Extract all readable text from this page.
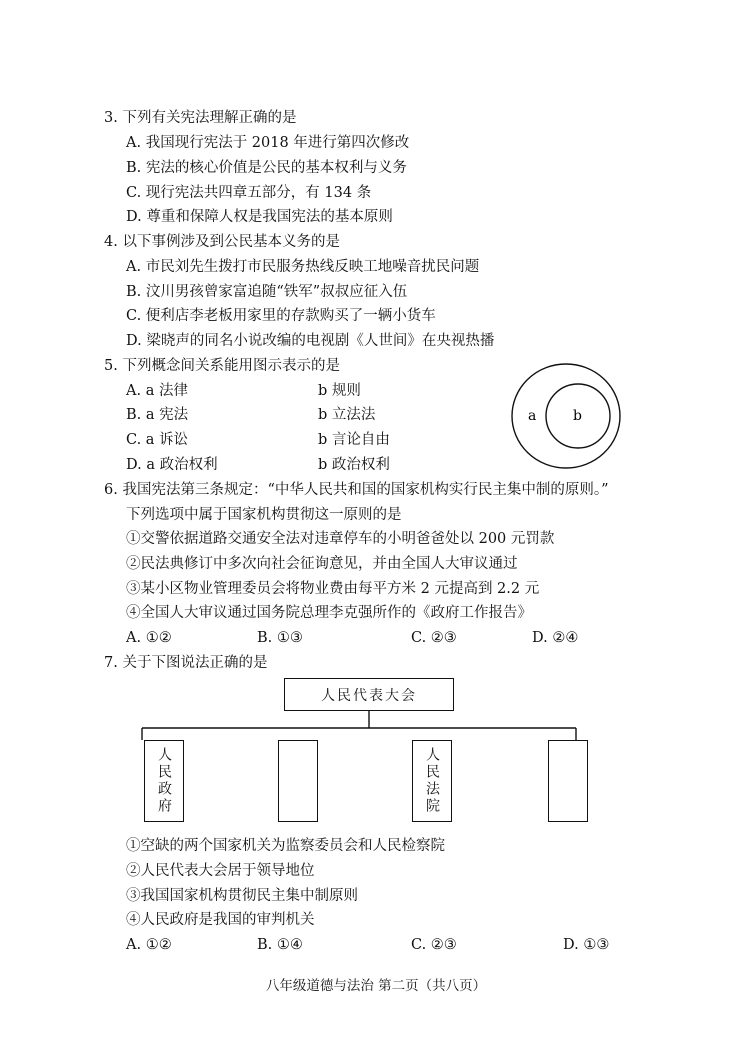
3. 下列有关宪法理解正确的是
A. 我国现行宪法于 2018 年进行第四次修改
B. 宪法的核心价值是公民的基本权利与义务
C. 现行宪法共四章五部分，有 134 条
D. 尊重和保障人权是我国宪法的基本原则
4. 以下事例涉及到公民基本义务的是
A. 市民刘先生拨打市民服务热线反映工地噪音扰民问题
B. 汶川男孩曾家富追随“铁军”叔叔应征入伍
C. 便利店李老板用家里的存款购买了一辆小货车
D. 梁晓声的同名小说改编的电视剧《人世间》在央视热播
5. 下列概念间关系能用图示表示的是
A. a 法律	b 规则
B. a 宪法	b 立法法
C. a 诉讼	b 言论自由
D. a 政治权利	b 政治权利
a	b
6. 我国宪法第三条规定：“中华人民共和国的国家机构实行民主集中制的原则。”
下列选项中属于国家机构贯彻这一原则的是
①交警依据道路交通安全法对违章停车的小明爸爸处以 200 元罚款
②民法典修订中多次向社会征询意见，并由全国人大审议通过
③某小区物业管理委员会将物业费由每平方米 2 元提高到 2.2 元
④全国人大审议通过国务院总理李克强所作的《政府工作报告》
A. ①②	B. ①③	C. ②③	D. ②④
7. 关于下图说法正确的是
人民代表大会
人民政府	人民法院
①空缺的两个国家机关为监察委员会和人民检察院
②人民代表大会居于领导地位
③我国国家机构贯彻民主集中制原则
④人民政府是我国的审判机关
A. ①②	B. ①④	C. ②③	D. ①③
八年级道德与法治 第二页（共八页）
